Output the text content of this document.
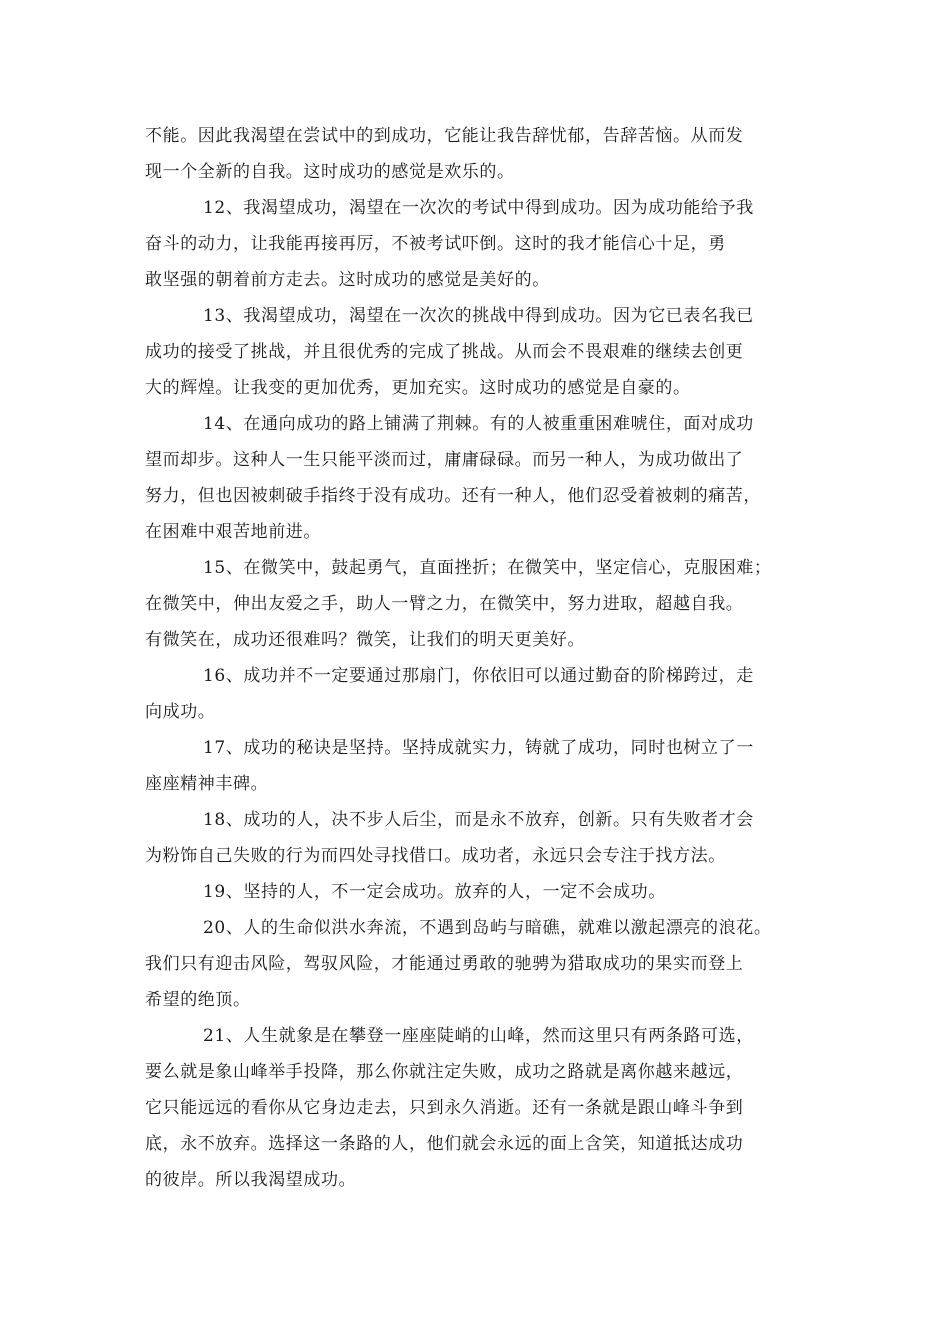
不能。因此我渴望在尝试中的到成功，它能让我告辞忧郁，告辞苦恼。从而发
现一个全新的自我。这时成功的感觉是欢乐的。
12、我渴望成功，渴望在一次次的考试中得到成功。因为成功能给予我
奋斗的动力，让我能再接再厉，不被考试吓倒。这时的我才能信心十足，勇
敢坚强的朝着前方走去。这时成功的感觉是美好的。
13、我渴望成功，渴望在一次次的挑战中得到成功。因为它已表名我已
成功的接受了挑战，并且很优秀的完成了挑战。从而会不畏艰难的继续去创更
大的辉煌。让我变的更加优秀，更加充实。这时成功的感觉是自豪的。
14、在通向成功的路上铺满了荆棘。有的人被重重困难唬住，面对成功
望而却步。这种人一生只能平淡而过，庸庸碌碌。而另一种人，为成功做出了
努力，但也因被刺破手指终于没有成功。还有一种人，他们忍受着被刺的痛苦，
在困难中艰苦地前进。
15、在微笑中，鼓起勇气，直面挫折；在微笑中，坚定信心，克服困难；
在微笑中，伸出友爱之手，助人一臂之力，在微笑中，努力进取，超越自我。
有微笑在，成功还很难吗？微笑，让我们的明天更美好。
16、成功并不一定要通过那扇门，你依旧可以通过勤奋的阶梯跨过，走
向成功。
17、成功的秘诀是坚持。坚持成就实力，铸就了成功，同时也树立了一
座座精神丰碑。
18、成功的人，决不步人后尘，而是永不放弃，创新。只有失败者才会
为粉饰自己失败的行为而四处寻找借口。成功者，永远只会专注于找方法。
19、坚持的人，不一定会成功。放弃的人，一定不会成功。
20、人的生命似洪水奔流，不遇到岛屿与暗礁，就难以激起漂亮的浪花。
我们只有迎击风险，驾驭风险，才能通过勇敢的驰骋为猎取成功的果实而登上
希望的绝顶。
21、人生就象是在攀登一座座陡峭的山峰，然而这里只有两条路可选，
要么就是象山峰举手投降，那么你就注定失败，成功之路就是离你越来越远，
它只能远远的看你从它身边走去，只到永久消逝。还有一条就是跟山峰斗争到
底，永不放弃。选择这一条路的人，他们就会永远的面上含笑，知道抵达成功
的彼岸。所以我渴望成功。
